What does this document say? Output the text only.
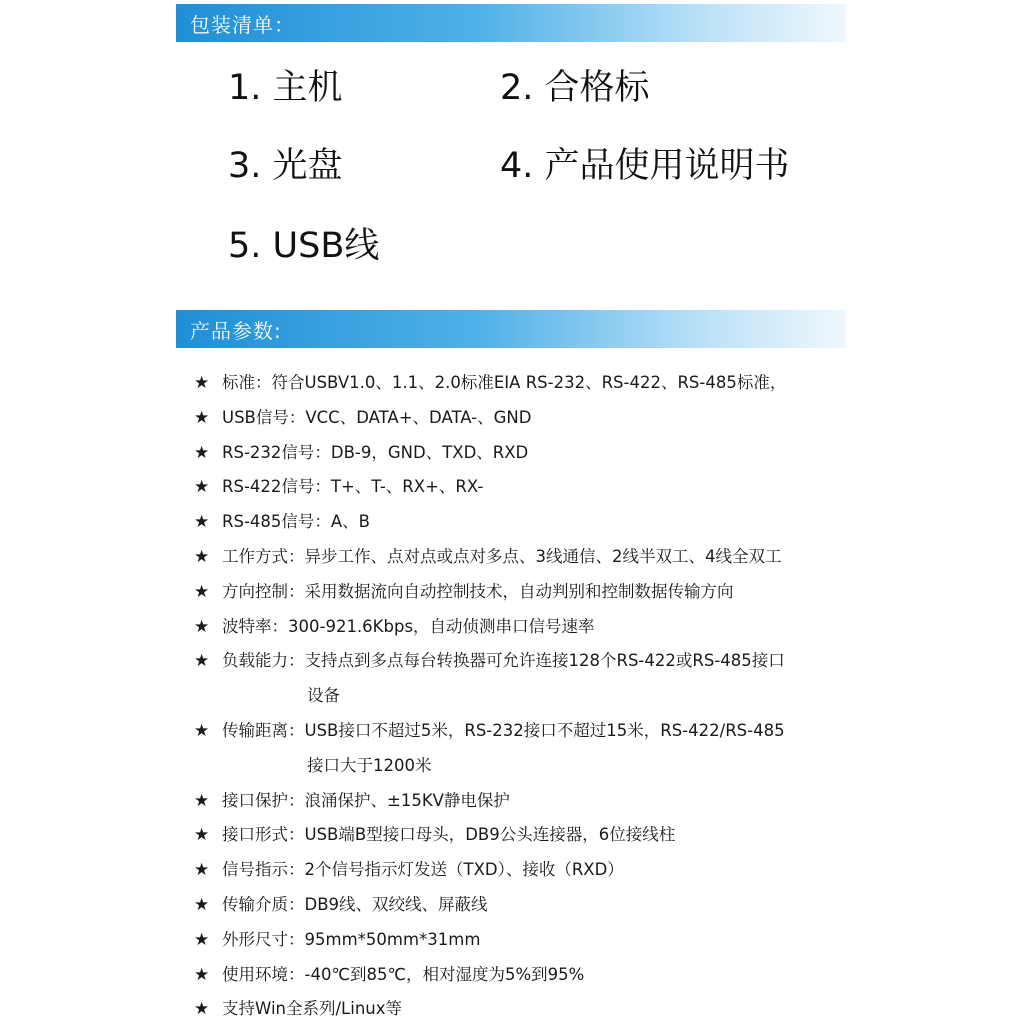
包装清单：
1. 主机	2. 合格标
3. 光盘	4. 产品使用说明书
5. USB线
产品参数:
★ 标准：符合USBV1.0、1.1、2.0标准EIA RS-232、RS-422、RS-485标准，
★ USB信号：VCC、DATA+、DATA-、GND
★ RS-232信号：DB-9，GND、TXD、RXD
★ RS-422信号：T+、T-、RX+、RX-
★ RS-485信号：A、B
★ 工作方式：异步工作、点对点或点对多点、3线通信、2线半双工、4线全双工
★ 方向控制：采用数据流向自动控制技术，自动判别和控制数据传输方向
★ 波特率：300-921.6Kbps，自动侦测串口信号速率
★ 负载能力：支持点到多点每台转换器可允许连接128个RS-422或RS-485接口
设备
★ 传输距离：USB接口不超过5米，RS-232接口不超过15米，RS-422/RS-485
接口大于1200米
★ 接口保护：浪涌保护、±15KV静电保护
★ 接口形式：USB端B型接口母头，DB9公头连接器，6位接线柱
★ 信号指示：2个信号指示灯发送（TXD）、接收（RXD）
★ 传输介质：DB9线、双绞线、屏蔽线
★ 外形尺寸：95mm*50mm*31mm
★ 使用环境：-40℃到85℃，相对湿度为5%到95%
★ 支持Win全系列/Linux等
